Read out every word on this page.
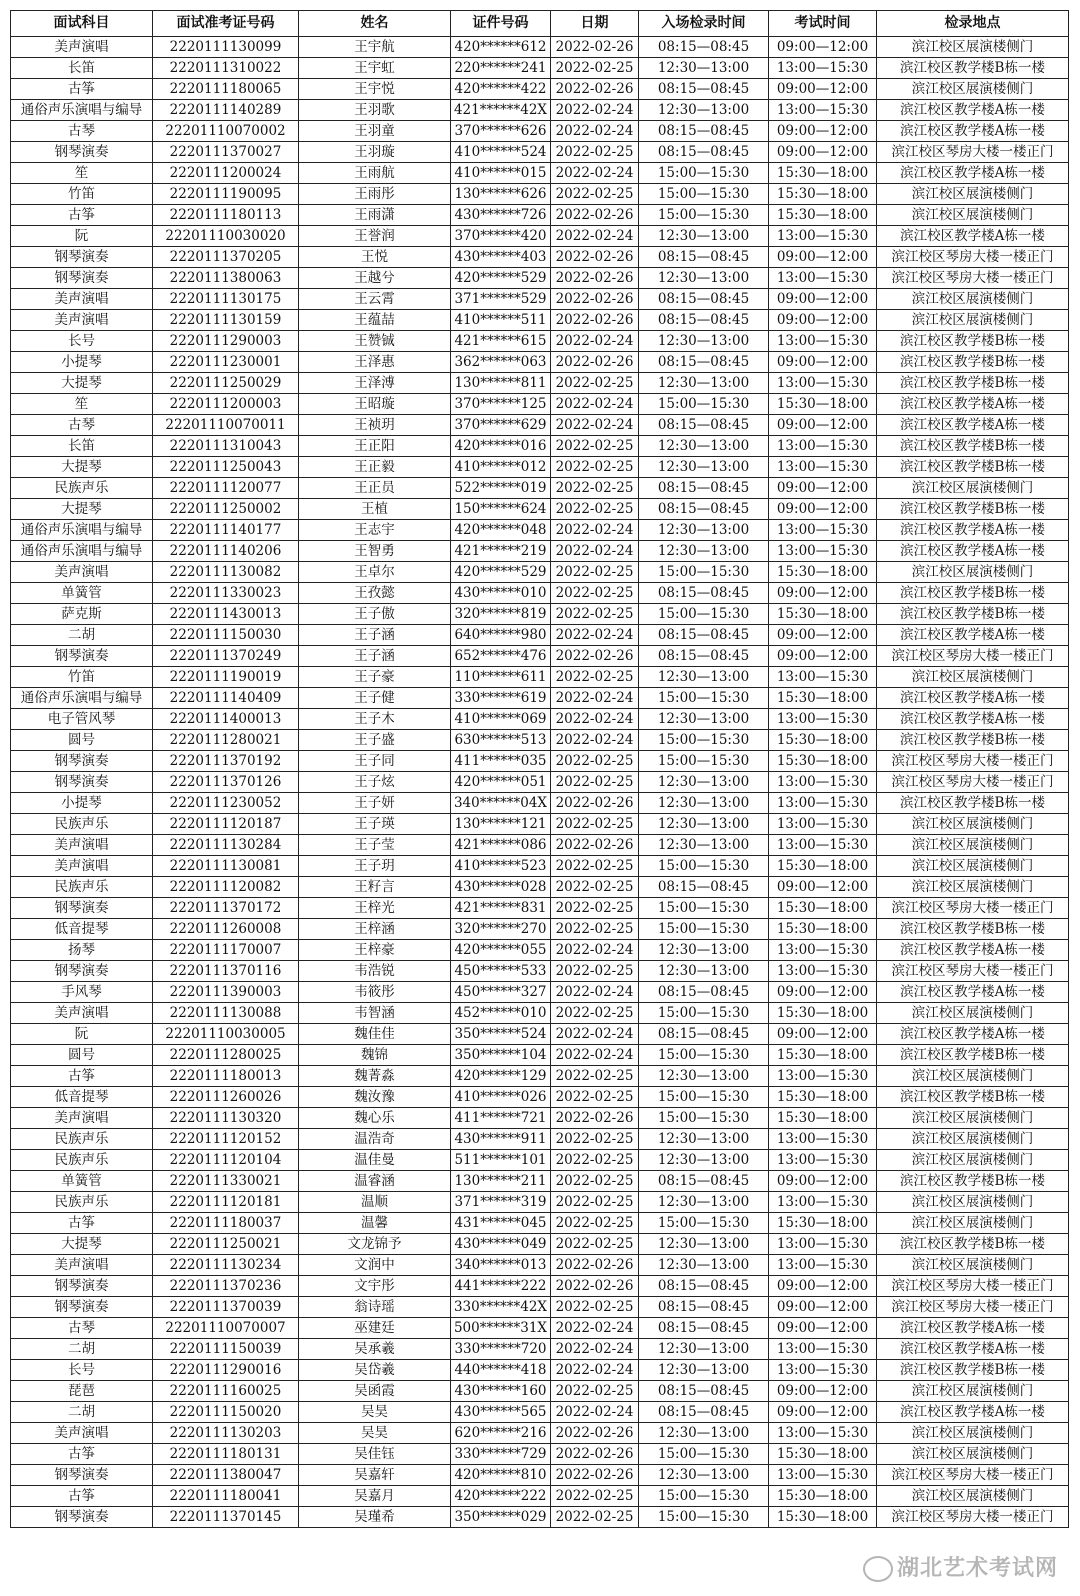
面试科目	面试准考证号码	姓名	证件号码	日期	入场检录时间	考试时间	检录地点
美声演唱	2220111130099	王宇航	420******612	2022-02-26	08:15—08:45	09:00—12:00	滨江校区展演楼侧门
长笛	2220111310022	王宇虹	220******241	2022-02-25	12:30—13:00	13:00—15:30	滨江校区教学楼B栋一楼
古筝	2220111180065	王宇悦	420******422	2022-02-26	08:15—08:45	09:00—12:00	滨江校区展演楼侧门
通俗声乐演唱与编导	2220111140289	王羽歌	421******42X	2022-02-24	12:30—13:00	13:00—15:30	滨江校区教学楼A栋一楼
古琴	22201110070002	王羽童	370******626	2022-02-24	08:15—08:45	09:00—12:00	滨江校区教学楼A栋一楼
钢琴演奏	2220111370027	王羽璇	410******524	2022-02-25	08:15—08:45	09:00—12:00	滨江校区琴房大楼一楼正门
笙	2220111200024	王雨航	410******015	2022-02-24	15:00—15:30	15:30—18:00	滨江校区教学楼A栋一楼
竹笛	2220111190095	王雨彤	130******626	2022-02-25	15:00—15:30	15:30—18:00	滨江校区展演楼侧门
古筝	2220111180113	王雨潇	430******726	2022-02-26	15:00—15:30	15:30—18:00	滨江校区展演楼侧门
阮	22201110030020	王誉润	370******420	2022-02-24	12:30—13:00	13:00—15:30	滨江校区教学楼A栋一楼
钢琴演奏	2220111370205	王悦	430******403	2022-02-26	08:15—08:45	09:00—12:00	滨江校区琴房大楼一楼正门
钢琴演奏	2220111380063	王越兮	420******529	2022-02-26	12:30—13:00	13:00—15:30	滨江校区琴房大楼一楼正门
美声演唱	2220111130175	王云霄	371******529	2022-02-26	08:15—08:45	09:00—12:00	滨江校区展演楼侧门
美声演唱	2220111130159	王蕴喆	410******511	2022-02-26	08:15—08:45	09:00—12:00	滨江校区展演楼侧门
长号	2220111290003	王赞铖	421******615	2022-02-24	12:30—13:00	13:00—15:30	滨江校区教学楼B栋一楼
小提琴	2220111230001	王泽惠	362******063	2022-02-26	08:15—08:45	09:00—12:00	滨江校区教学楼B栋一楼
大提琴	2220111250029	王泽溥	130******811	2022-02-25	12:30—13:00	13:00—15:30	滨江校区教学楼B栋一楼
笙	2220111200003	王昭璇	370******125	2022-02-24	15:00—15:30	15:30—18:00	滨江校区教学楼A栋一楼
古琴	22201110070011	王祯玥	370******629	2022-02-24	08:15—08:45	09:00—12:00	滨江校区教学楼A栋一楼
长笛	2220111310043	王正阳	420******016	2022-02-25	12:30—13:00	13:00—15:30	滨江校区教学楼B栋一楼
大提琴	2220111250043	王正毅	410******012	2022-02-25	12:30—13:00	13:00—15:30	滨江校区教学楼B栋一楼
民族声乐	2220111120077	王正员	522******019	2022-02-25	08:15—08:45	09:00—12:00	滨江校区展演楼侧门
大提琴	2220111250002	王植	150******624	2022-02-25	08:15—08:45	09:00—12:00	滨江校区教学楼B栋一楼
通俗声乐演唱与编导	2220111140177	王志宇	420******048	2022-02-24	12:30—13:00	13:00—15:30	滨江校区教学楼A栋一楼
通俗声乐演唱与编导	2220111140206	王智勇	421******219	2022-02-24	12:30—13:00	13:00—15:30	滨江校区教学楼A栋一楼
美声演唱	2220111130082	王卓尔	420******529	2022-02-25	15:00—15:30	15:30—18:00	滨江校区展演楼侧门
单簧管	2220111330023	王孜懿	430******010	2022-02-25	08:15—08:45	09:00—12:00	滨江校区教学楼B栋一楼
萨克斯	2220111430013	王子傲	320******819	2022-02-25	15:00—15:30	15:30—18:00	滨江校区教学楼B栋一楼
二胡	2220111150030	王子涵	640******980	2022-02-24	08:15—08:45	09:00—12:00	滨江校区教学楼A栋一楼
钢琴演奏	2220111370249	王子涵	652******476	2022-02-26	08:15—08:45	09:00—12:00	滨江校区琴房大楼一楼正门
竹笛	2220111190019	王子豪	110******611	2022-02-25	12:30—13:00	13:00—15:30	滨江校区展演楼侧门
通俗声乐演唱与编导	2220111140409	王子健	330******619	2022-02-24	15:00—15:30	15:30—18:00	滨江校区教学楼A栋一楼
电子管风琴	2220111400013	王子木	410******069	2022-02-24	12:30—13:00	13:00—15:30	滨江校区教学楼A栋一楼
圆号	2220111280021	王子盛	630******513	2022-02-24	15:00—15:30	15:30—18:00	滨江校区教学楼B栋一楼
钢琴演奏	2220111370192	王子同	411******035	2022-02-25	15:00—15:30	15:30—18:00	滨江校区琴房大楼一楼正门
钢琴演奏	2220111370126	王子炫	420******051	2022-02-25	12:30—13:00	13:00—15:30	滨江校区琴房大楼一楼正门
小提琴	2220111230052	王子妍	340******04X	2022-02-26	12:30—13:00	13:00—15:30	滨江校区教学楼B栋一楼
民族声乐	2220111120187	王子瑛	130******121	2022-02-25	12:30—13:00	13:00—15:30	滨江校区展演楼侧门
美声演唱	2220111130284	王子莹	421******086	2022-02-26	12:30—13:00	13:00—15:30	滨江校区展演楼侧门
美声演唱	2220111130081	王子玥	410******523	2022-02-25	15:00—15:30	15:30—18:00	滨江校区展演楼侧门
民族声乐	2220111120082	王籽言	430******028	2022-02-25	08:15—08:45	09:00—12:00	滨江校区展演楼侧门
钢琴演奏	2220111370172	王梓光	421******831	2022-02-25	15:00—15:30	15:30—18:00	滨江校区琴房大楼一楼正门
低音提琴	2220111260008	王梓涵	320******270	2022-02-25	15:00—15:30	15:30—18:00	滨江校区教学楼B栋一楼
扬琴	2220111170007	王梓豪	420******055	2022-02-24	12:30—13:00	13:00—15:30	滨江校区教学楼A栋一楼
钢琴演奏	2220111370116	韦浩锐	450******533	2022-02-25	12:30—13:00	13:00—15:30	滨江校区琴房大楼一楼正门
手风琴	2220111390003	韦筱彤	450******327	2022-02-24	08:15—08:45	09:00—12:00	滨江校区教学楼A栋一楼
美声演唱	2220111130088	韦智涵	452******010	2022-02-25	15:00—15:30	15:30—18:00	滨江校区展演楼侧门
阮	22201110030005	魏佳佳	350******524	2022-02-24	08:15—08:45	09:00—12:00	滨江校区教学楼A栋一楼
圆号	2220111280025	魏锦	350******104	2022-02-24	15:00—15:30	15:30—18:00	滨江校区教学楼B栋一楼
古筝	2220111180013	魏菁淼	420******129	2022-02-25	12:30—13:00	13:00—15:30	滨江校区展演楼侧门
低音提琴	2220111260026	魏汝豫	410******026	2022-02-25	15:00—15:30	15:30—18:00	滨江校区教学楼B栋一楼
美声演唱	2220111130320	魏心乐	411******721	2022-02-26	15:00—15:30	15:30—18:00	滨江校区展演楼侧门
民族声乐	2220111120152	温浩奇	430******911	2022-02-25	12:30—13:00	13:00—15:30	滨江校区展演楼侧门
民族声乐	2220111120104	温佳曼	511******101	2022-02-25	12:30—13:00	13:00—15:30	滨江校区展演楼侧门
单簧管	2220111330021	温睿涵	130******211	2022-02-25	08:15—08:45	09:00—12:00	滨江校区教学楼B栋一楼
民族声乐	2220111120181	温顺	371******319	2022-02-25	12:30—13:00	13:00—15:30	滨江校区展演楼侧门
古筝	2220111180037	温馨	431******045	2022-02-25	15:00—15:30	15:30—18:00	滨江校区展演楼侧门
大提琴	2220111250021	文龙锦予	430******049	2022-02-25	12:30—13:00	13:00—15:30	滨江校区教学楼B栋一楼
美声演唱	2220111130234	文润中	340******013	2022-02-26	12:30—13:00	13:00—15:30	滨江校区展演楼侧门
钢琴演奏	2220111370236	文宇彤	441******222	2022-02-26	08:15—08:45	09:00—12:00	滨江校区琴房大楼一楼正门
钢琴演奏	2220111370039	翁诗瑶	330******42X	2022-02-25	08:15—08:45	09:00—12:00	滨江校区琴房大楼一楼正门
古琴	22201110070007	巫建廷	500******31X	2022-02-24	08:15—08:45	09:00—12:00	滨江校区教学楼A栋一楼
二胡	2220111150039	吴承羲	330******720	2022-02-24	12:30—13:00	13:00—15:30	滨江校区教学楼A栋一楼
长号	2220111290016	吴岱羲	440******418	2022-02-24	12:30—13:00	13:00—15:30	滨江校区教学楼B栋一楼
琵琶	2220111160025	吴函霞	430******160	2022-02-25	08:15—08:45	09:00—12:00	滨江校区展演楼侧门
二胡	2220111150020	吴昊	430******565	2022-02-24	08:15—08:45	09:00—12:00	滨江校区教学楼A栋一楼
美声演唱	2220111130203	吴昊	620******216	2022-02-26	12:30—13:00	13:00—15:30	滨江校区展演楼侧门
古筝	2220111180131	吴佳钰	330******729	2022-02-26	15:00—15:30	15:30—18:00	滨江校区展演楼侧门
钢琴演奏	2220111380047	吴嘉轩	420******810	2022-02-26	12:30—13:00	13:00—15:30	滨江校区琴房大楼一楼正门
古筝	2220111180041	吴嘉月	420******222	2022-02-25	15:00—15:30	15:30—18:00	滨江校区展演楼侧门
钢琴演奏	2220111370145	吴瑾希	350******029	2022-02-25	15:00—15:30	15:30—18:00	滨江校区琴房大楼一楼正门
湖北艺术考试网
